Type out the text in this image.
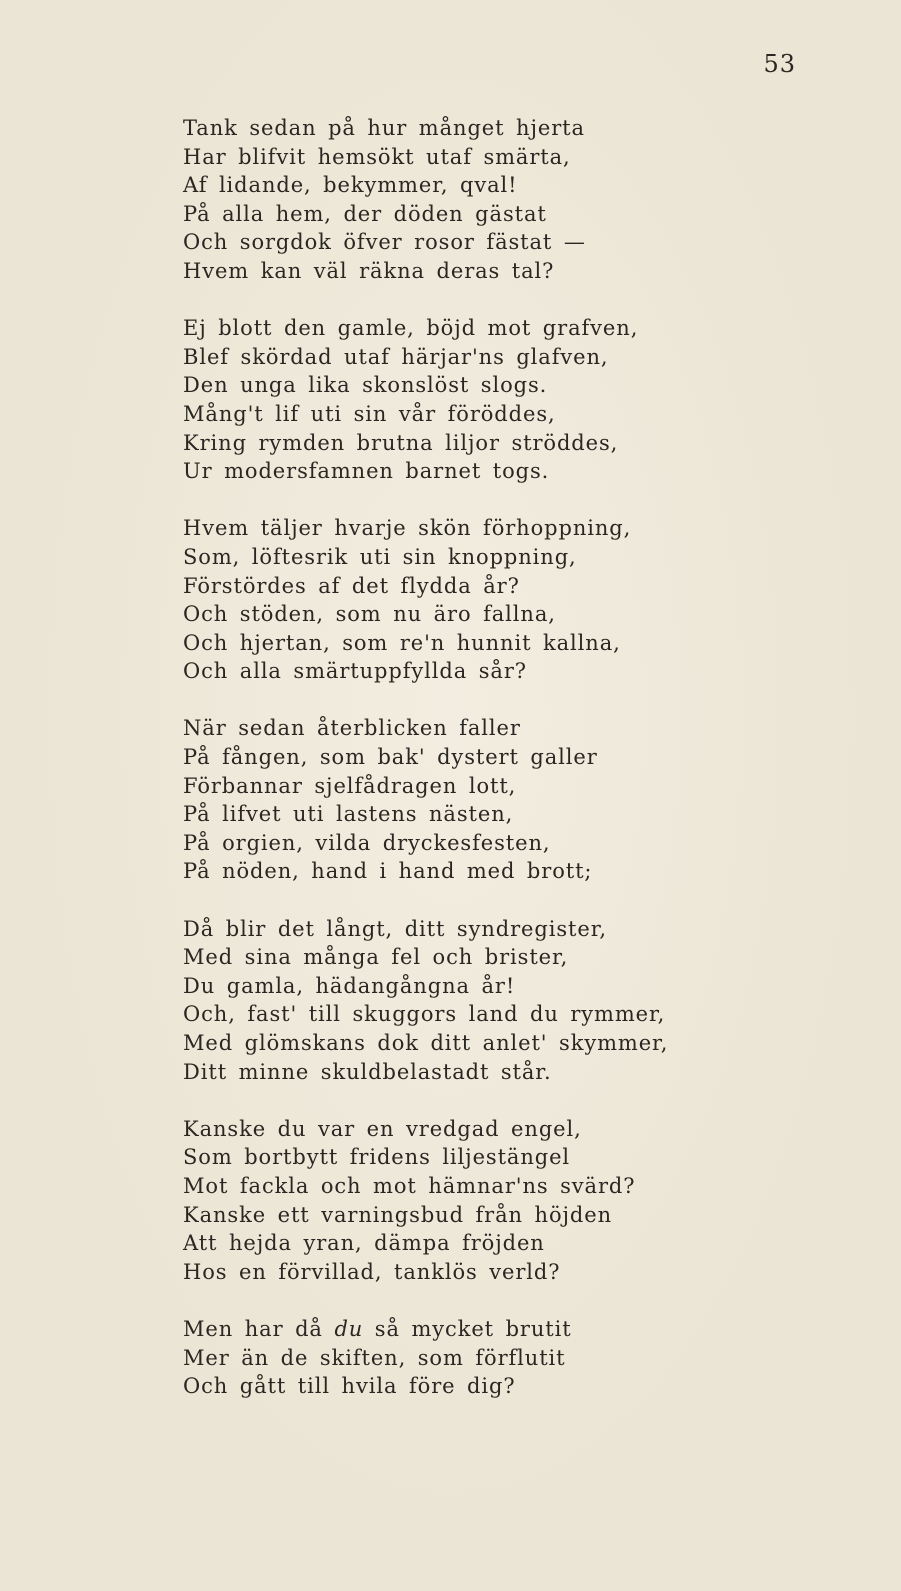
53
Tank sedan på hur månget hjerta
Har blifvit hemsökt utaf smärta,
Af lidande, bekymmer, qval!
På alla hem, der döden gästat
Och sorgdok öfver rosor fästat —
Hvem kan väl räkna deras tal?
Ej blott den gamle, böjd mot grafven,
Blef skördad utaf härjar'ns glafven,
Den unga lika skonslöst slogs.
Mång't lif uti sin vår föröddes,
Kring rymden brutna liljor ströddes,
Ur modersfamnen barnet togs.
Hvem täljer hvarje skön förhoppning,
Som, löftesrik uti sin knoppning,
Förstördes af det flydda år?
Och stöden, som nu äro fallna,
Och hjertan, som re'n hunnit kallna,
Och alla smärtuppfyllda sår?
När sedan återblicken faller
På fången, som bak' dystert galler
Förbannar sjelfådragen lott,
På lifvet uti lastens nästen,
På orgien, vilda dryckesfesten,
På nöden, hand i hand med brott;
Då blir det långt, ditt syndregister,
Med sina många fel och brister,
Du gamla, hädangångna år!
Och, fast' till skuggors land du rymmer,
Med glömskans dok ditt anlet' skymmer,
Ditt minne skuldbelastadt står.
Kanske du var en vredgad engel,
Som bortbytt fridens liljestängel
Mot fackla och mot hämnar'ns svärd?
Kanske ett varningsbud från höjden
Att hejda yran, dämpa fröjden
Hos en förvillad, tanklös verld?
Men har då du så mycket brutit
Mer än de skiften, som förflutit
Och gått till hvila före dig?
